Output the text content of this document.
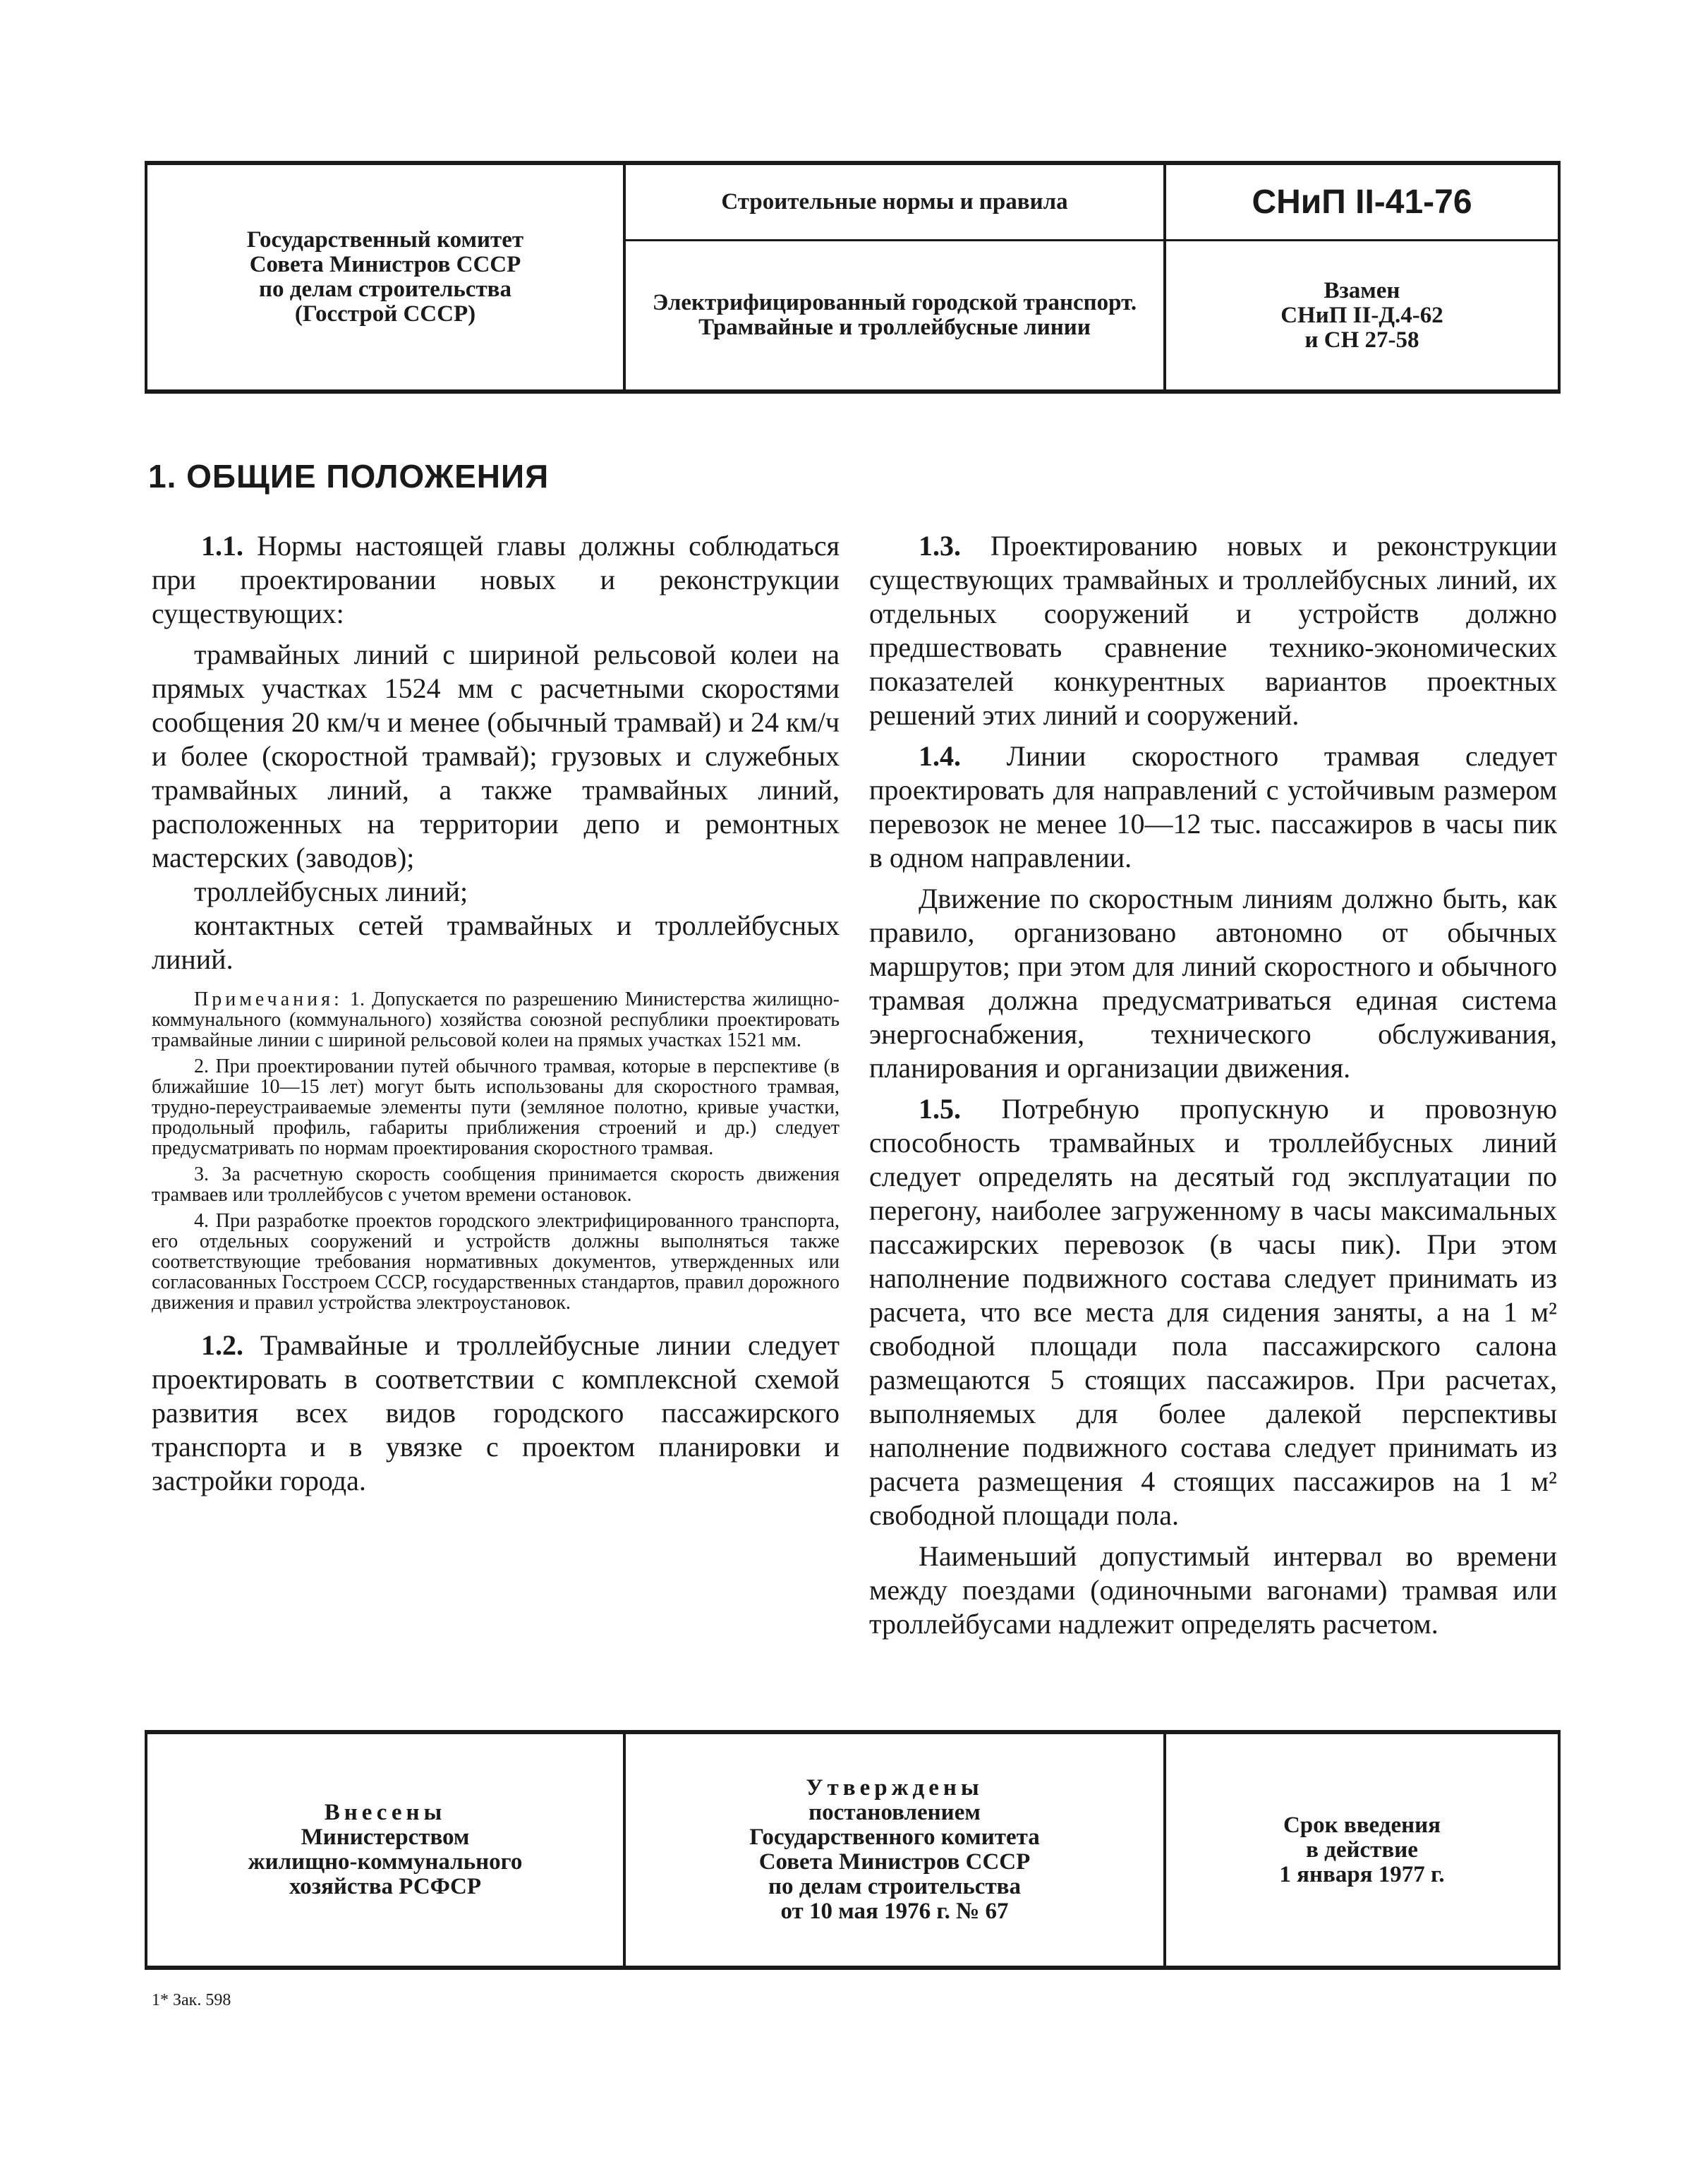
Государственный комитет
Совета Министров СССР
по делам строительства
(Госстрой СССР)
Строительные нормы и правила
Электрифицированный городской транспорт.
Трамвайные и троллейбусные линии
СНиП II-41-76
Взамен
СНиП II-Д.4-62
и СН 27-58
1. ОБЩИЕ ПОЛОЖЕНИЯ

1.1. Нормы настоящей главы должны соблюдаться при проектировании новых и реконструкции существующих:

трамвайных линий с шириной рельсовой колеи на прямых участках 1524 мм с расчетными скоростями сообщения 20 км/ч и менее (обычный трамвай) и 24 км/ч и более (скоростной трамвай); грузовых и служебных трамвайных линий, а также трамвайных линий, расположенных на территории депо и ремонтных мастерских (заводов);

троллейбусных линий;

контактных сетей трамвайных и троллейбусных линий.

Примечания: 1. Допускается по разрешению Министерства жилищно-коммунального (коммунального) хозяйства союзной республики проектировать трамвайные линии с шириной рельсовой колеи на прямых участках 1521 мм.

2. При проектировании путей обычного трамвая, которые в перспективе (в ближайшие 10—15 лет) могут быть использованы для скоростного трамвая, трудно-переустраиваемые элементы пути (земляное полотно, кривые участки, продольный профиль, габариты приближения строений и др.) следует предусматривать по нормам проектирования скоростного трамвая.

3. За расчетную скорость сообщения принимается скорость движения трамваев или троллейбусов с учетом времени остановок.

4. При разработке проектов городского электрифицированного транспорта, его отдельных сооружений и устройств должны выполняться также соответствующие требования нормативных документов, утвержденных или согласованных Госстроем СССР, государственных стандартов, правил дорожного движения и правил устройства электроустановок.

1.2. Трамвайные и троллейбусные линии следует проектировать в соответствии с комплексной схемой развития всех видов городского пассажирского транспорта и в увязке с проектом планировки и застройки города.

1.3. Проектированию новых и реконструкции существующих трамвайных и троллейбусных линий, их отдельных сооружений и устройств должно предшествовать сравнение технико-экономических показателей конкурентных вариантов проектных решений этих линий и сооружений.

1.4. Линии скоростного трамвая следует проектировать для направлений с устойчивым размером перевозок не менее 10—12 тыс. пассажиров в часы пик в одном направлении.

Движение по скоростным линиям должно быть, как правило, организовано автономно от обычных маршрутов; при этом для линий скоростного и обычного трамвая должна предусматриваться единая система энергоснабжения, технического обслуживания, планирования и организации движения.

1.5. Потребную пропускную и провозную способность трамвайных и троллейбусных линий следует определять на десятый год эксплуатации по перегону, наиболее загруженному в часы максимальных пассажирских перевозок (в часы пик). При этом наполнение подвижного состава следует принимать из расчета, что все места для сидения заняты, а на 1 м² свободной площади пола пассажирского салона размещаются 5 стоящих пассажиров. При расчетах, выполняемых для более далекой перспективы наполнение подвижного состава следует принимать из расчета размещения 4 стоящих пассажиров на 1 м² свободной площади пола.

Наименьший допустимый интервал во времени между поездами (одиночными вагонами) трамвая или троллейбусами надлежит определять расчетом.

Внесены
Министерством
жилищно-коммунального
хозяйства РСФСР
Утверждены
постановлением
Государственного комитета
Совета Министров СССР
по делам строительства
от 10 мая 1976 г. № 67
Срок введения
в действие
1 января 1977 г.
1* Зак. 598
